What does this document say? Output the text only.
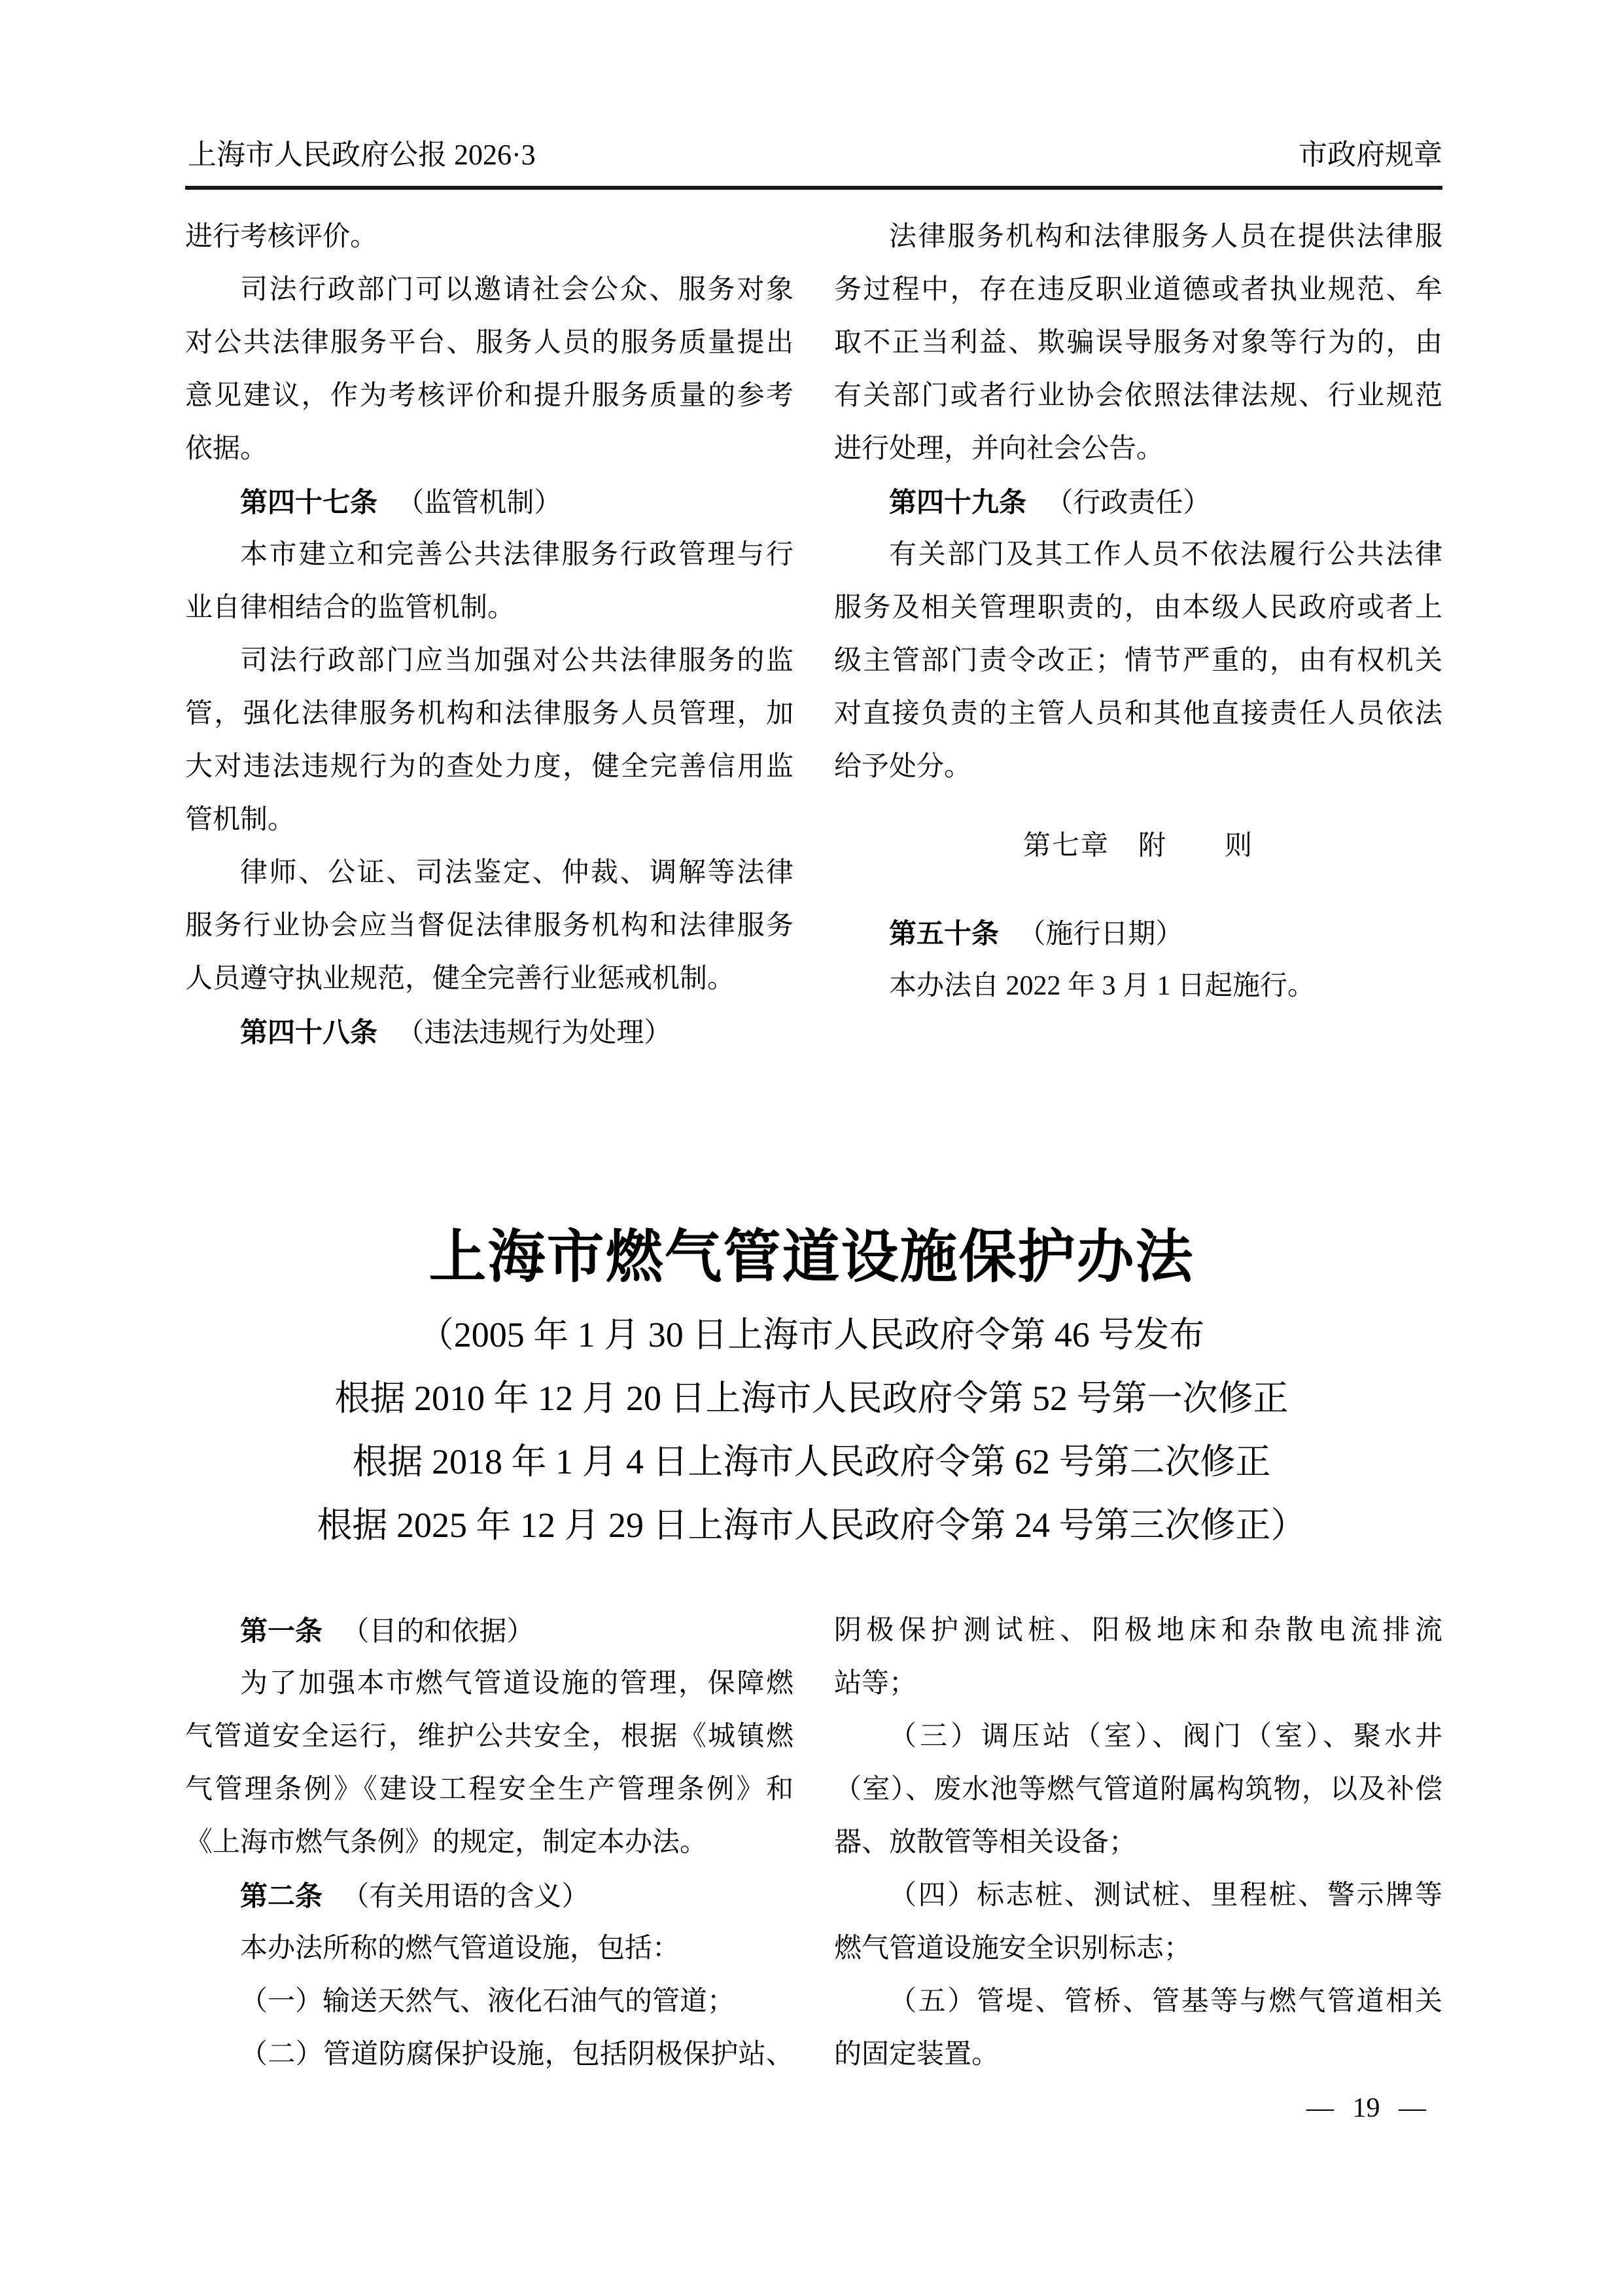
上海市人民政府公报 2026·3	市政府规章
进行考核评价。
司法行政部门可以邀请社会公众、服务对象
对公共法律服务平台、服务人员的服务质量提出
意见建议，作为考核评价和提升服务质量的参考
依据。
第四十七条 （监管机制）
本市建立和完善公共法律服务行政管理与行
业自律相结合的监管机制。
司法行政部门应当加强对公共法律服务的监
管，强化法律服务机构和法律服务人员管理，加
大对违法违规行为的查处力度，健全完善信用监
管机制。
律师、公证、司法鉴定、仲裁、调解等法律
服务行业协会应当督促法律服务机构和法律服务
人员遵守执业规范，健全完善行业惩戒机制。
第四十八条 （违法违规行为处理）
法律服务机构和法律服务人员在提供法律服
务过程中，存在违反职业道德或者执业规范、牟
取不正当利益、欺骗误导服务对象等行为的，由
有关部门或者行业协会依照法律法规、行业规范
进行处理，并向社会公告。
第四十九条 （行政责任）
有关部门及其工作人员不依法履行公共法律
服务及相关管理职责的，由本级人民政府或者上
级主管部门责令改正；情节严重的，由有权机关
对直接负责的主管人员和其他直接责任人员依法
给予处分。
第七章　附　　则
第五十条 （施行日期）
本办法自 2022 年 3 月 1 日起施行。
上海市燃气管道设施保护办法
（2005 年 1 月 30 日上海市人民政府令第 46 号发布
根据 2010 年 12 月 20 日上海市人民政府令第 52 号第一次修正
根据 2018 年 1 月 4 日上海市人民政府令第 62 号第二次修正
根据 2025 年 12 月 29 日上海市人民政府令第 24 号第三次修正）
第一条 （目的和依据）
为了加强本市燃气管道设施的管理，保障燃
气管道安全运行，维护公共安全，根据《城镇燃
气管理条例》《建设工程安全生产管理条例》和
《上海市燃气条例》的规定，制定本办法。
第二条 （有关用语的含义）
本办法所称的燃气管道设施，包括：
（一）输送天然气、液化石油气的管道；
（二）管道防腐保护设施，包括阴极保护站、
阴极保护测试桩、阳极地床和杂散电流排流
站等；
（三）调压站（室）、阀门（室）、聚水井
（室）、废水池等燃气管道附属构筑物，以及补偿
器、放散管等相关设备；
（四）标志桩、测试桩、里程桩、警示牌等
燃气管道设施安全识别标志；
（五）管堤、管桥、管基等与燃气管道相关
的固定装置。
— 19 —
